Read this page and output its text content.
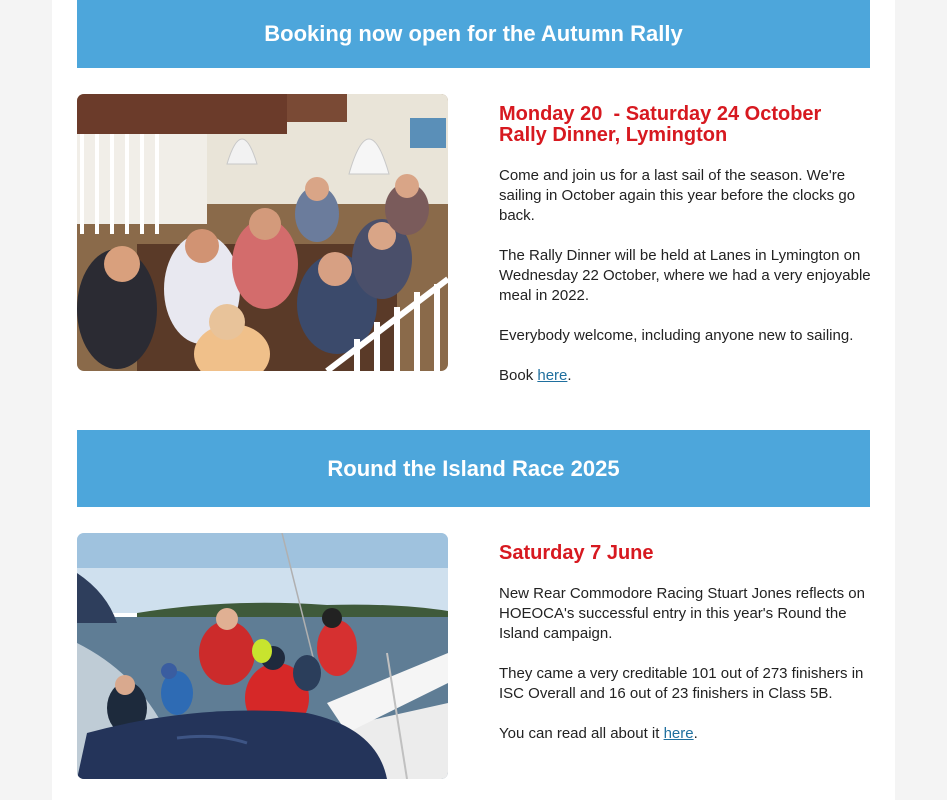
Booking now open for the Autumn Rally
Monday 20  - Saturday 24 October
Rally Dinner, Lymington

Come and join us for a last sail of the season. We're sailing in October again this year before the clocks go back.

The Rally Dinner will be held at Lanes in Lymington on Wednesday 22 October, where we had a very enjoyable meal in 2022.

Everybody welcome, including anyone new to sailing.

Book here.

Round the Island Race 2025
Saturday 7 June

New Rear Commodore Racing Stuart Jones reflects on HOEOCA's successful entry in this year's Round the Island campaign.

They came a very creditable 101 out of 273 finishers in ISC Overall and 16 out of 23 finishers in Class 5B.

You can read all about it here.
